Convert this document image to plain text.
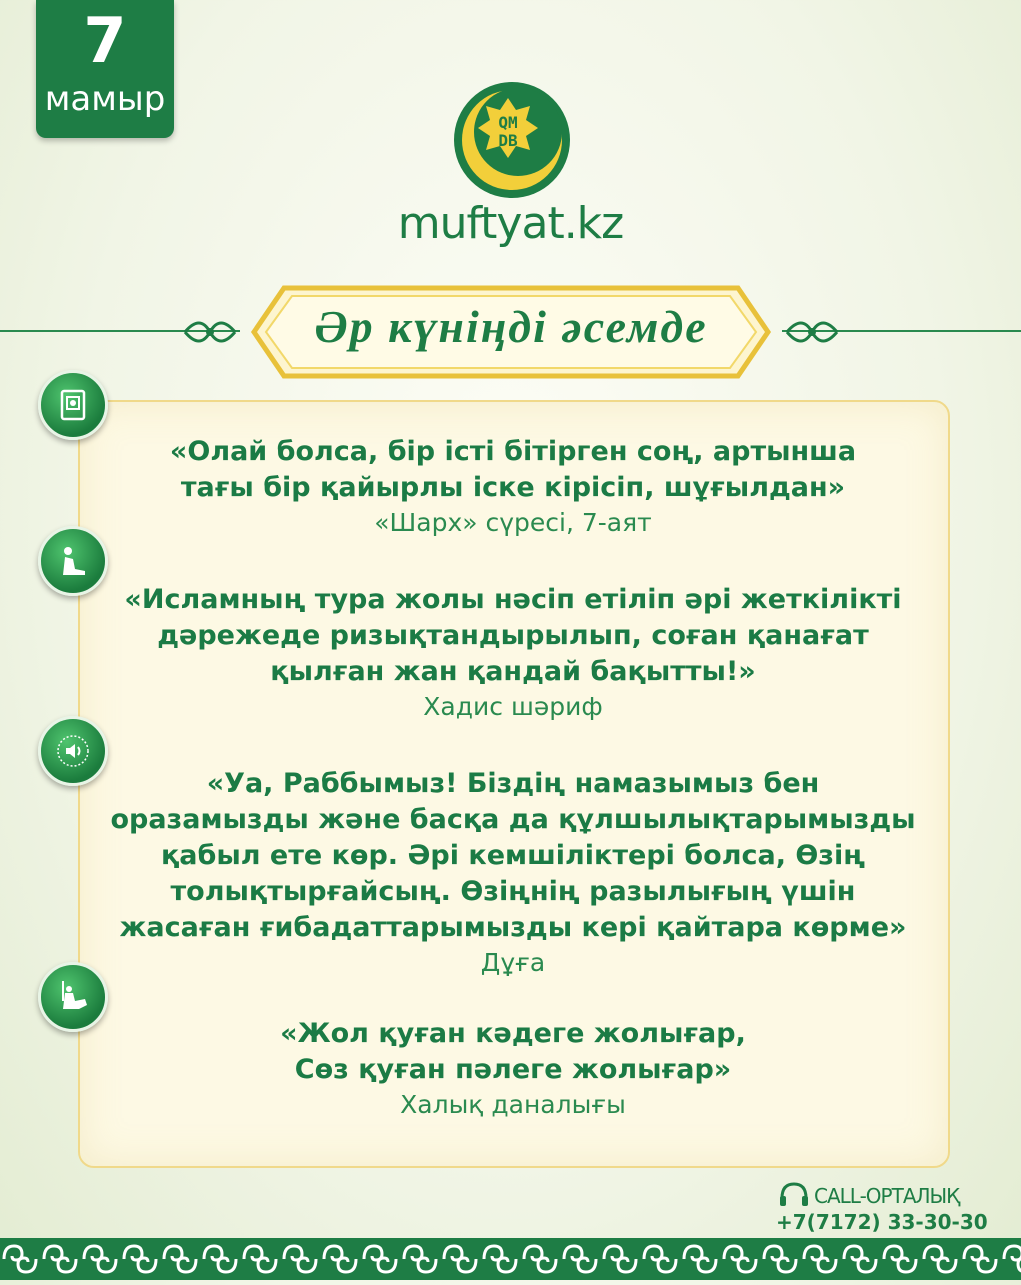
7
мамыр
QM
DB
muftyat.kz
Әр күніңді әсемде
«Олай болса, бір істі бітірген соң, артынша
тағы бір қайырлы іске кірісіп, шұғылдан»
«Шарх» сүресі, 7-аят
«Исламның тура жолы нәсіп етіліп әрі жеткілікті
дәрежеде ризықтандырылып, соған қанағат
қылған жан қандай бақытты!»
Хадис шәриф
«Уа, Раббымыз! Біздің намазымыз бен
оразамызды және басқа да құлшылықтарымызды
қабыл ете көр. Әрі кемшіліктері болса, Өзің
толықтырғайсың. Өзіңнің разылығың үшін
жасаған ғибадаттарымызды кері қайтара көрме»
Дұға
«Жол қуған кәдеге жолығар,
Сөз қуған пәлеге жолығар»
Халық даналығы
CALL-ОРТАЛЫҚ
+7(7172) 33-30-30
